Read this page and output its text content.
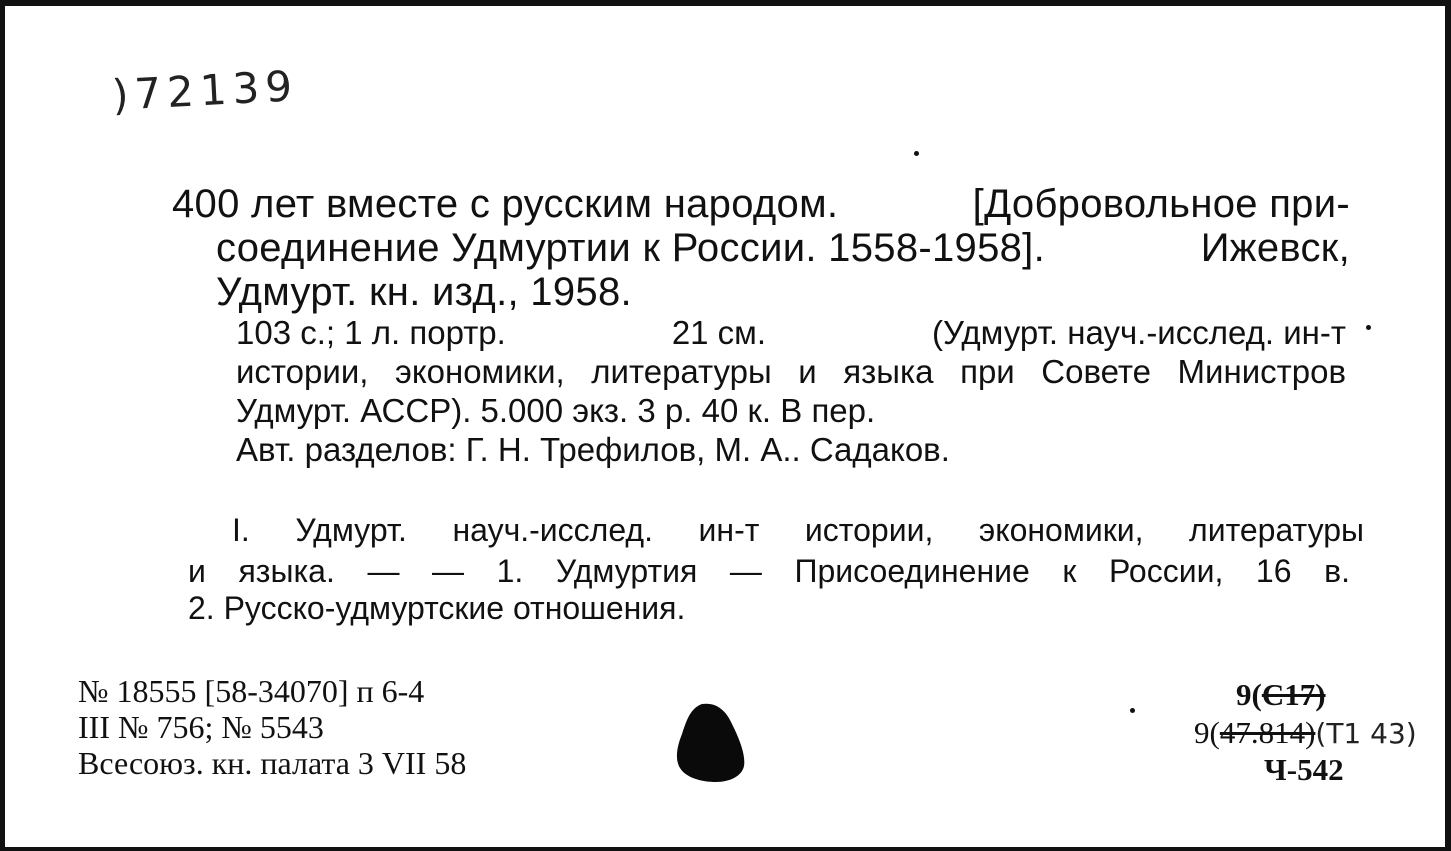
)72139
400 лет вместе с русским народом.	[Добровольное при-
соединение Удмуртии к России. 1558-1958].	Ижевск,
Удмурт. кн. изд., 1958.
103 с.; 1 л. портр.	21 см.	(Удмурт. науч.-исслед. ин-т
истории, экономики, литературы и языка при Совете Министров
Удмурт. АССР). 5.000 экз. 3 р. 40 к. В пер.
Авт. разделов: Г. Н. Трефилов, М. А.. Садаков.
I. Удмурт. науч.-исслед. ин-т истории, экономики, литературы
и языка. — — 1. Удмуртия — Присоединение к России, 16 в.
2. Русско-удмуртские отношения.
№ 18555 [58-34070] п 6-4
III № 756; № 5543
Всесоюз. кн. палата 3 VII 58
9(С17)
9(47.814)(Т1 43)
Ч-542
